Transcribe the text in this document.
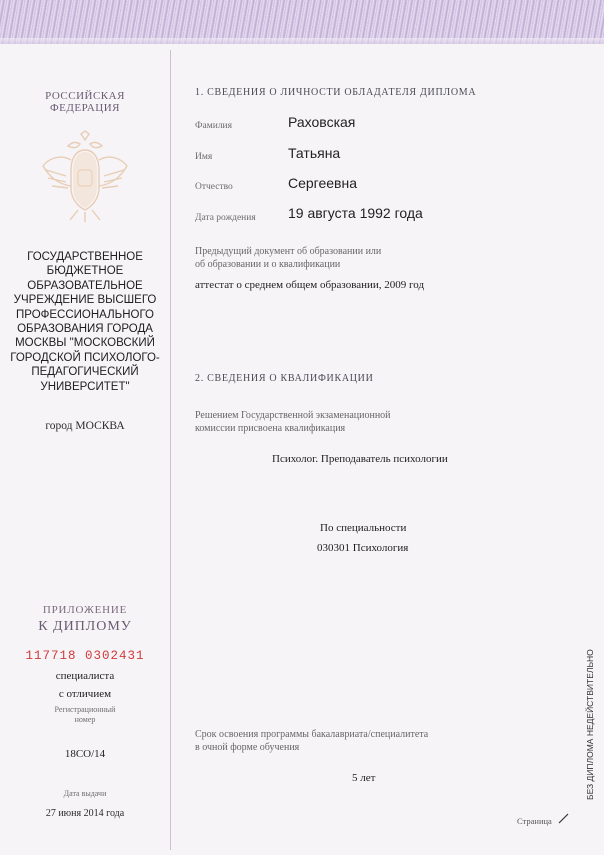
РОССИЙСКАЯ
ФЕДЕРАЦИЯ
ГОСУДАРСТВЕННОЕ
БЮДЖЕТНОЕ
ОБРАЗОВАТЕЛЬНОЕ
УЧРЕЖДЕНИЕ ВЫСШЕГО
ПРОФЕССИОНАЛЬНОГО
ОБРАЗОВАНИЯ ГОРОДА
МОСКВЫ "МОСКОВСКИЙ
ГОРОДСКОЙ ПСИХОЛОГО-
ПЕДАГОГИЧЕСКИЙ
УНИВЕРСИТЕТ"
город МОСКВА
ПРИЛОЖЕНИЕ
К ДИПЛОМУ
117718 0302431
специалиста
с отличием
Регистрационный
номер
18СО/14
Дата выдачи
27 июня 2014 года
1. СВЕДЕНИЯ О ЛИЧНОСТИ ОБЛАДАТЕЛЯ ДИПЛОМА
Фамилия	Раховская
Имя	Татьяна
Отчество	Сергеевна
Дата рождения 19 августа 1992 года
Предыдущий документ об образовании или
об образовании и о квалификации
аттестат о среднем общем образовании, 2009 год
2. СВЕДЕНИЯ О КВАЛИФИКАЦИИ
Решением Государственной экзаменационной
комиссии присвоена квалификация
Психолог. Преподаватель психологии
По специальности
030301 Психология
Срок освоения программы бакалавриата/специалитета
в очной форме обучения
5 лет
Страница
БЕЗ ДИПЛОМА НЕДЕЙСТВИТЕЛЬНО
